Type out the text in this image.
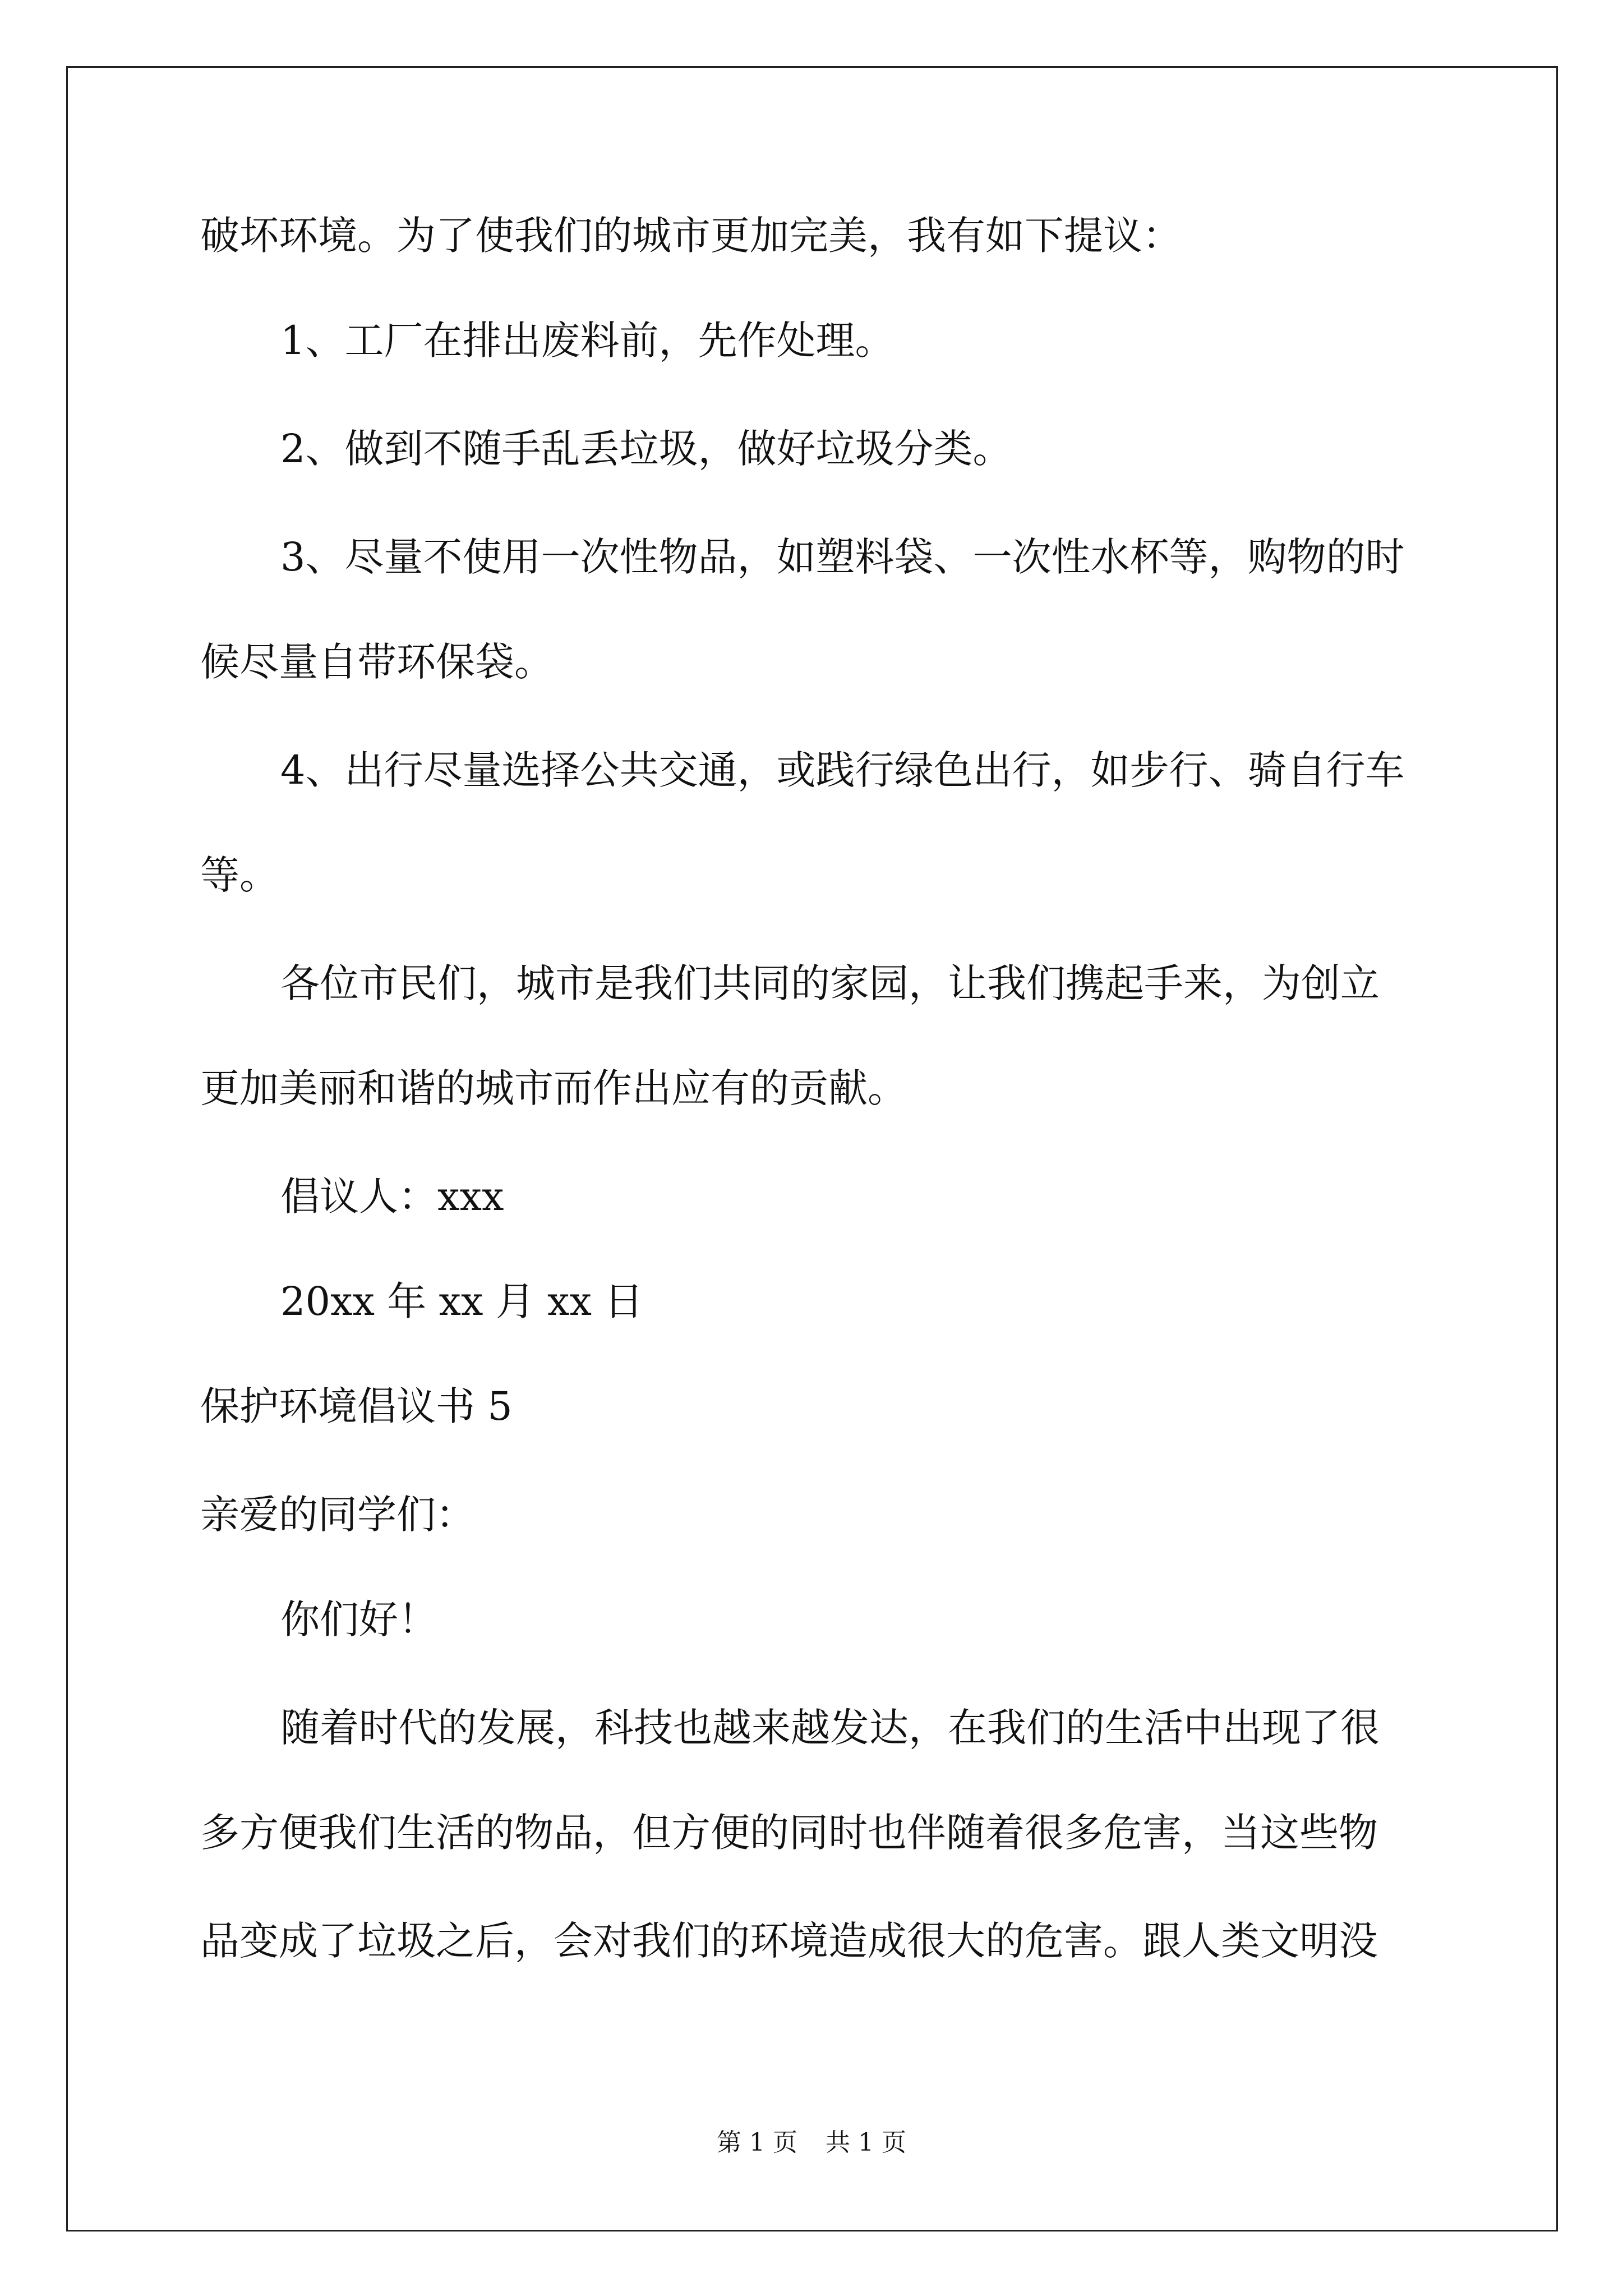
破坏环境。为了使我们的城市更加完美，我有如下提议：
1、工厂在排出废料前，先作处理。
2、做到不随手乱丢垃圾，做好垃圾分类。
3、尽量不使用一次性物品，如塑料袋、一次性水杯等，购物的时
候尽量自带环保袋。
4、出行尽量选择公共交通，或践行绿色出行，如步行、骑自行车
等。
各位市民们，城市是我们共同的家园，让我们携起手来，为创立
更加美丽和谐的城市而作出应有的贡献。
倡议人：xxx
20xx 年 xx 月 xx 日
保护环境倡议书 5
亲爱的同学们：
你们好！
随着时代的发展，科技也越来越发达，在我们的生活中出现了很
多方便我们生活的物品，但方便的同时也伴随着很多危害，当这些物
品变成了垃圾之后，会对我们的环境造成很大的危害。跟人类文明没
第 1 页 共 1 页
